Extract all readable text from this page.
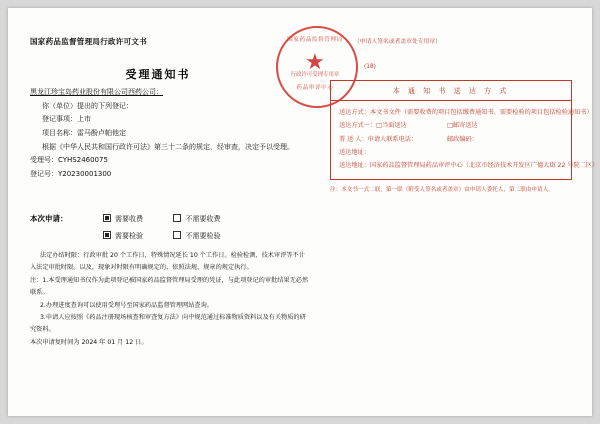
国家药品监督管理局行政许可文书
受理通知书
黑龙江珍宝岛药业股份有限公司西药公司：
你（单位）提出的下列登记：
登记事项：上市
项目名称：雷马酚卢帕他定
根据《中华人民共和国行政许可法》第三十二条的规定，经审查，决定予以受理。
受理号：CYHS2460075
登记号：Y20230001300
本次申请：	需要收费	不需要收费
需要检验	不需要检验
法定办结时限：行政审批 20 个工作日，特殊情况延长 10 个工作日。检验检测、技术审评等不计入法定审批时限。以及，现象对时限有明确规定的，依照法规、规章的规定执行。
注：1.本受理通知书仅作为此项登记被国家药品监督管理局受理的凭证，与此项登记的审批结果无必然联系。
2.办理进度查询可以使用受理号至国家药品监督管理网站查询。
3.申请人应按照《药品注册现场核查和审查复方法》向中规范通过标准物质资料以及有关物质的研究资料。
本次申请复时间为 2024 年 01 月 12 日。
本 通 知 书 送 达 方 式
送达方式：本文书文件（需要收费的项目包括缴费通知书、需要检验的项目包括检验通知书）
送达方式一：□当面送达	□邮寄送达
署 送 人：申请人联系电话：	邮政编码：
送达地址：
送达地址：国家药品监督管理局药品审评中心（北京市经济技术开发区广德大街 22 号院二区）
注：本文书一式二联，第一联（附受人签名或者盖章）由申请人委托人，第二联由申请人。
国家药品监督管理局
★
行政许可受理专用章
药品审评中心
（申请人签名或者盖章处专用章）
(18)
